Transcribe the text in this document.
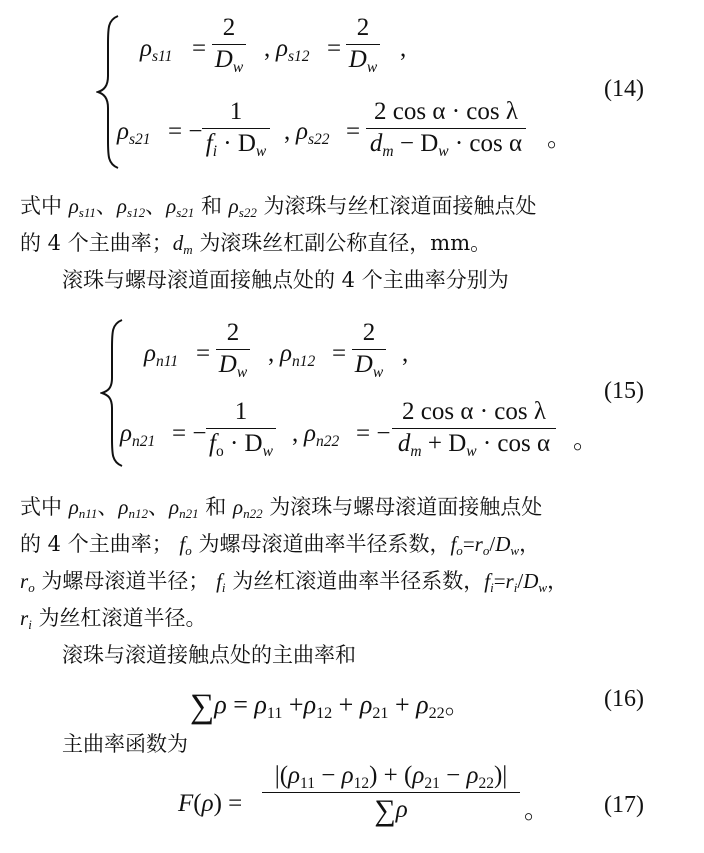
$\rho_{s11}$ =
2
$D_w$
, $\rho_{s12}$ =
2
$D_w$
,
(14)
$\rho_{s21}$ = −
1
$f_i \cdot D_w$
, $\rho_{s22}$ =
2 cos α · cos λ
$d_m - D_w \cdot \cos \alpha$ 。
式中 $\rho_{s11}$、$\rho_{s12}$、$\rho_{s21}$ 和 $\rho_{s22}$ 为滚珠与丝杠滚道面接触点处
的 4 个主曲率；$d_m$ 为滚珠丝杠副公称直径，mm。
滚珠与螺母滚道面接触点处的 4 个主曲率分别为
$\rho_{n11}$ =
2
$D_w$
, $\rho_{n12}$ =
2
$D_w$
,
(15)
$\rho_{n21}$ = −
1
$f_o \cdot D_w$
, $\rho_{n22}$ = −
2 cos α · cos λ
$d_m + D_w \cdot \cos \alpha$ 。
式中 $\rho_{n11}$、$\rho_{n12}$、$\rho_{n21}$ 和 $\rho_{n22}$ 为滚珠与螺母滚道面接触点处
的 4 个主曲率； $f_o$ 为螺母滚道曲率半径系数，$f_o=r_o/D_w$，
$r_o$ 为螺母滚道半径； $f_i$ 为丝杠滚道曲率半径系数，$f_i=r_i/D_w$，
$r_i$ 为丝杠滚道半径。
滚珠与滚道接触点处的主曲率和
$\sum\rho = \rho_{11} +\rho_{12} + \rho_{21} + \rho_{22}$。	(16)
主曲率函数为
F(ρ) =
$|(\rho_{11} - \rho_{12}) + (\rho_{21} - \rho_{22})|$
∑ρ	。 (17)
